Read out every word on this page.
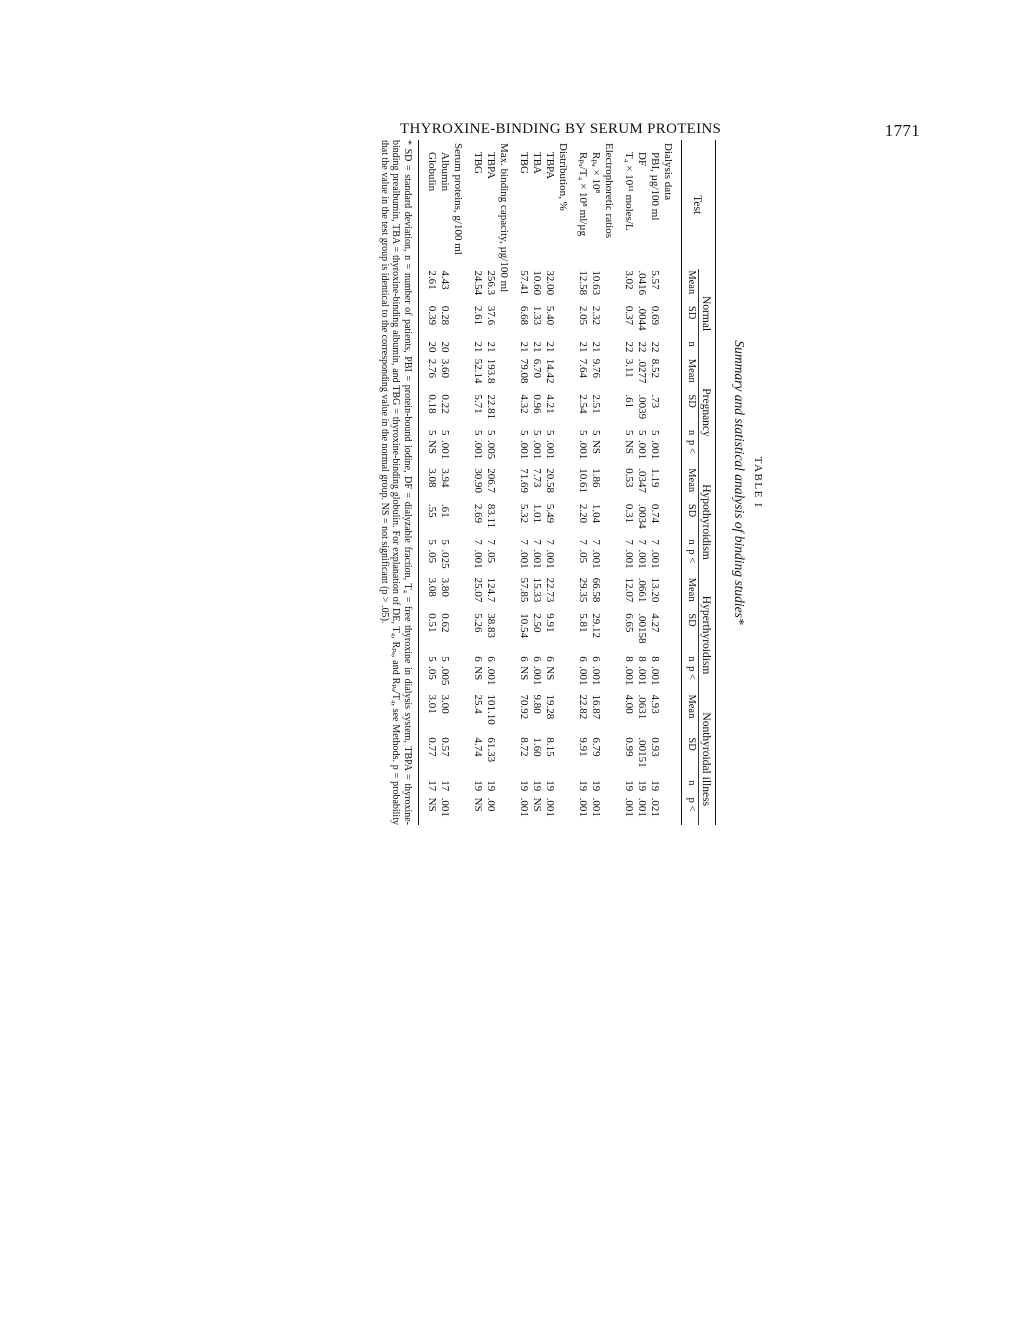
THYROXINE-BINDING BY SERUM PROTEINS	1771
TABLE I
Summary and statistical analysis of binding studies*
Test	Normal			Pregnancy				Hypothyroidism				Hyperthyroidism				Nonthyroidal illness			
	Mean	SD	n	Mean	SD	n	p <	Mean	SD	n	p <	Mean	SD	n	p <	Mean	SD	n	p <
Dialysis data																			
PBI, µg/100 ml	5.57	0.69	22	8.52	.73	5	.001	1.19	0.74	7	.001	13.20	4.27	8	.001	4.93	0.93	19	.021
DF	.0416	.0044	22	.0277	.0039	5	.001	.0347	.0034	7	.001	.0661	.00158	8	.001	.0631	.00151	19	.001
T₄ × 10¹¹ moles/L	3.02	0.37	22	3.11	.61	5	NS	0.53	0.31	7	.001	12.07	6.65	8	.001	4.00	0.99	19	.001
Electrophoretic ratios																			
Rₚₐ × 10⁸	10.63	2.32	21	9.76	2.51	5	NS	1.86	1.04	7	.001	66.58	29.12	6	.001	16.87	6.79	19	.001
Rₚₐ/T₄ × 10⁸ ml/µg	12.58	2.05	21	7.64	2.54	5	.001	10.61	2.20	7	.05	29.35	5.81	6	.001	22.82	9.91	19	.001
Distribution, %																			
TBPA	32.00	5.40	21	14.42	4.21	5	.001	20.58	5.49	7	.001	22.73	9.91	6	NS	19.28	8.15	19	.001
TBA	10.60	1.33	21	6.70	0.96	5	.001	7.73	1.01	7	.001	15.33	2.50	6	.001	9.80	1.60	19	NS
TBG	57.41	6.68	21	79.08	4.32	5	.001	71.69	5.32	7	.001	57.85	10.54	6	NS	70.92	8.72	19	.001
Max. binding capacity, µg/100 ml																			
TBPA	256.3	37.6	21	193.8	22.81	5	.005	206.7	83.11	7	.05	124.7	38.83	6	.001	101.10	61.33	19	.00
TBG	24.54	2.61	21	52.14	5.71	5	.001	30.90	2.69	7	.001	25.07	5.26	6	NS	25.4	4.74	19	NS
Serum proteins, g/100 ml																			
Albumin	4.43	0.28	20	3.60	0.22	5	.001	3.94	.61	5	.025	3.80	0.62	5	.005	3.00	0.57	17	.001
Globulin	2.61	0.39	20	2.76	0.18	5	NS	3.08	.55	5	.05	3.08	0.51	5	.05	3.01	0.77	17	NS
* SD = standard deviation, n = number of patients, PBI = protein-bound iodine, DF = dialyzable fraction, T₄ = free thyroxine in dialysis system, TBPA = thyroxine-binding prealbumin, TBA = thyroxine-binding albumin, and TBG = thyroxine-binding globulin. For explanation of DE, T₄, Rₚₐ, and Rₚₐ/T₄, see Methods. p = probability that the value in the test group is identical to the corresponding value in the normal group. NS = not significant (p > .05).
